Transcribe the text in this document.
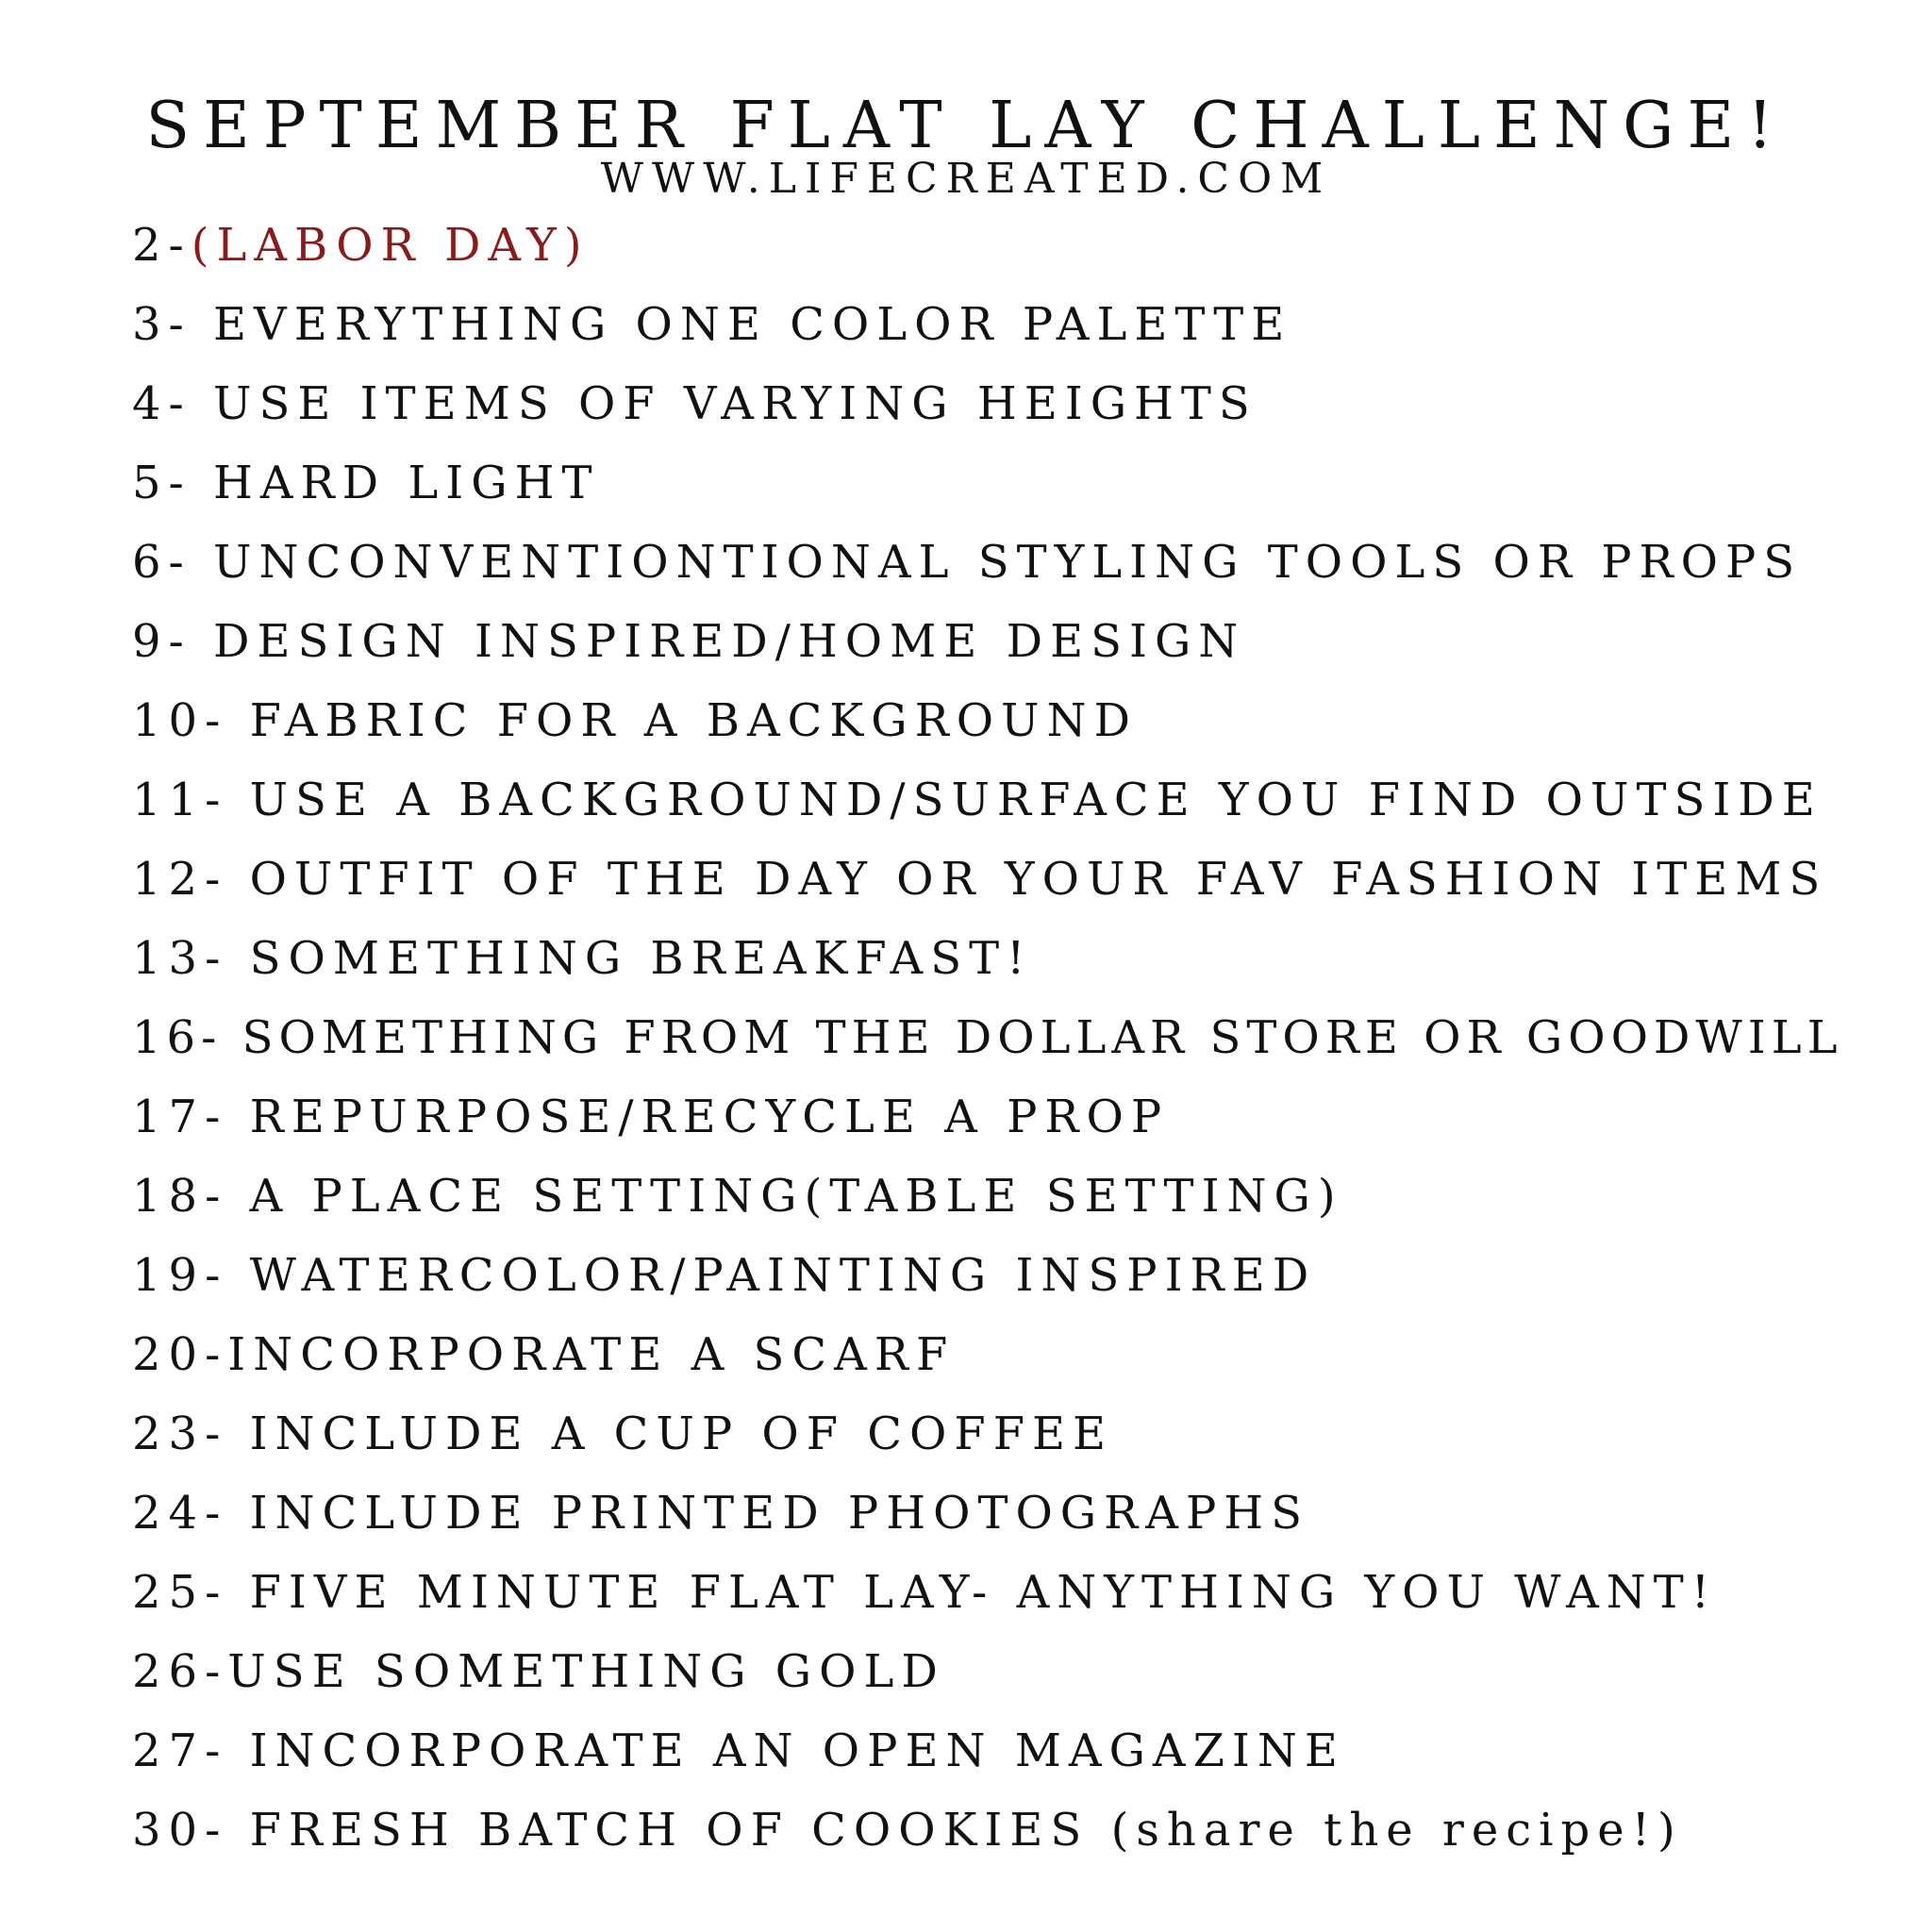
SEPTEMBER FLAT LAY CHALLENGE!
WWW.LIFECREATED.COM
2-(LABOR DAY)
3- EVERYTHING ONE COLOR PALETTE
4- USE ITEMS OF VARYING HEIGHTS
5- HARD LIGHT
6- UNCONVENTIONTIONAL STYLING TOOLS OR PROPS
9- DESIGN INSPIRED/HOME DESIGN
10- FABRIC FOR A BACKGROUND
11- USE A BACKGROUND/SURFACE YOU FIND OUTSIDE
12- OUTFIT OF THE DAY OR YOUR FAV FASHION ITEMS
13- SOMETHING BREAKFAST!
16- SOMETHING FROM THE DOLLAR STORE OR GOODWILL
17- REPURPOSE/RECYCLE A PROP
18- A PLACE SETTING(TABLE SETTING)
19- WATERCOLOR/PAINTING INSPIRED
20-INCORPORATE A SCARF
23- INCLUDE A CUP OF COFFEE
24- INCLUDE PRINTED PHOTOGRAPHS
25- FIVE MINUTE FLAT LAY- ANYTHING YOU WANT!
26-USE SOMETHING GOLD
27- INCORPORATE AN OPEN MAGAZINE
30- FRESH BATCH OF COOKIES (share the recipe!)
